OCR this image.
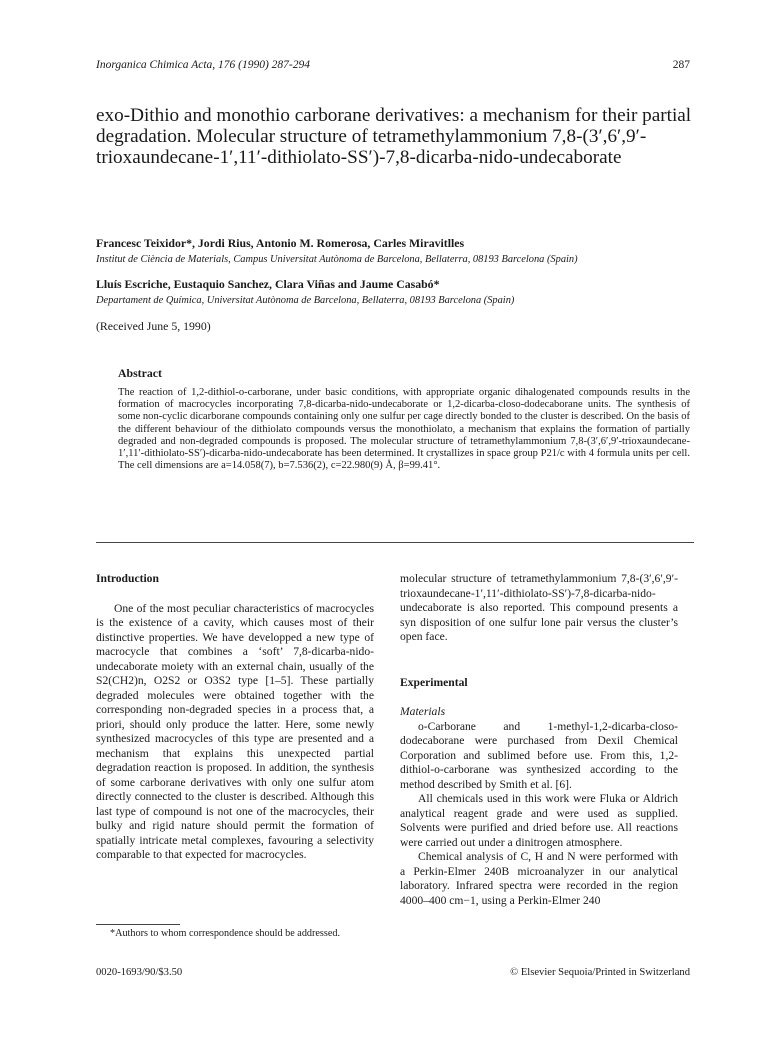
Inorganica Chimica Acta, 176 (1990) 287-294	287
exo-Dithio and monothio carborane derivatives: a mechanism for their partial degradation. Molecular structure of tetramethylammonium 7,8-(3′,6′,9′-trioxaundecane-1′,11′-dithiolato-SS′)-7,8-dicarba-nido-undecaborate
Francesc Teixidor*, Jordi Rius, Antonio M. Romerosa, Carles Miravitlles
Institut de Ciència de Materials, Campus Universitat Autònoma de Barcelona, Bellaterra, 08193 Barcelona (Spain)
Lluís Escriche, Eustaquio Sanchez, Clara Viñas and Jaume Casabó*
Departament de Química, Universitat Autònoma de Barcelona, Bellaterra, 08193 Barcelona (Spain)
(Received June 5, 1990)
Abstract

The reaction of 1,2-dithiol-o-carborane, under basic conditions, with appropriate organic dihalogenated compounds results in the formation of macrocycles incorporating 7,8-dicarba-nido-undecaborate or 1,2-dicarba-closo-dodecaborane units. The synthesis of some non-cyclic dicarborane compounds containing only one sulfur per cage directly bonded to the cluster is described. On the basis of the different behaviour of the dithiolato compounds versus the monothiolato, a mechanism that explains the formation of partially degraded and non-degraded compounds is proposed. The molecular structure of tetramethylammonium 7,8-(3′,6′,9′-trioxaundecane-1′,11′-dithiolato-SS′)-dicarba-nido-undecaborate has been determined. It crystallizes in space group P21/c with 4 formula units per cell. The cell dimensions are a=14.058(7), b=7.536(2), c=22.980(9) Å, β=99.41°.

Introduction

One of the most peculiar characteristics of macrocycles is the existence of a cavity, which causes most of their distinctive properties. We have developped a new type of macrocycle that combines a ‘soft’ 7,8-dicarba-nido-undecaborate moiety with an external chain, usually of the S2(CH2)n, O2S2 or O3S2 type [1–5]. These partially degraded molecules were obtained together with the corresponding non-degraded species in a process that, a priori, should only produce the latter. Here, some newly synthesized macrocycles of this type are presented and a mechanism that explains this unexpected partial degradation reaction is proposed. In addition, the synthesis of some carborane derivatives with only one sulfur atom directly connected to the cluster is described. Although this last type of compound is not one of the macrocycles, their bulky and rigid nature should permit the formation of spatially intricate metal complexes, favouring a selectivity comparable to that expected for macrocycles.

*Authors to whom correspondence should be addressed.

molecular structure of tetramethylammonium 7,8-(3′,6′,9′-trioxaundecane-1′,11′-dithiolato-SS′)-7,8-dicarba-nido-undecaborate is also reported. This compound presents a syn disposition of one sulfur lone pair versus the cluster’s open face.

Experimental
Materials

o-Carborane and 1-methyl-1,2-dicarba-closo-dodecaborane were purchased from Dexil Chemical Corporation and sublimed before use. From this, 1,2-dithiol-o-carborane was synthesized according to the method described by Smith et al. [6].

All chemicals used in this work were Fluka or Aldrich analytical reagent grade and were used as supplied. Solvents were purified and dried before use. All reactions were carried out under a dinitrogen atmosphere.

Chemical analysis of C, H and N were performed with a Perkin-Elmer 240B microanalyzer in our analytical laboratory. Infrared spectra were recorded in the region 4000–400 cm−1, using a Perkin-Elmer 240

0020-1693/90/$3.50	© Elsevier Sequoia/Printed in Switzerland
